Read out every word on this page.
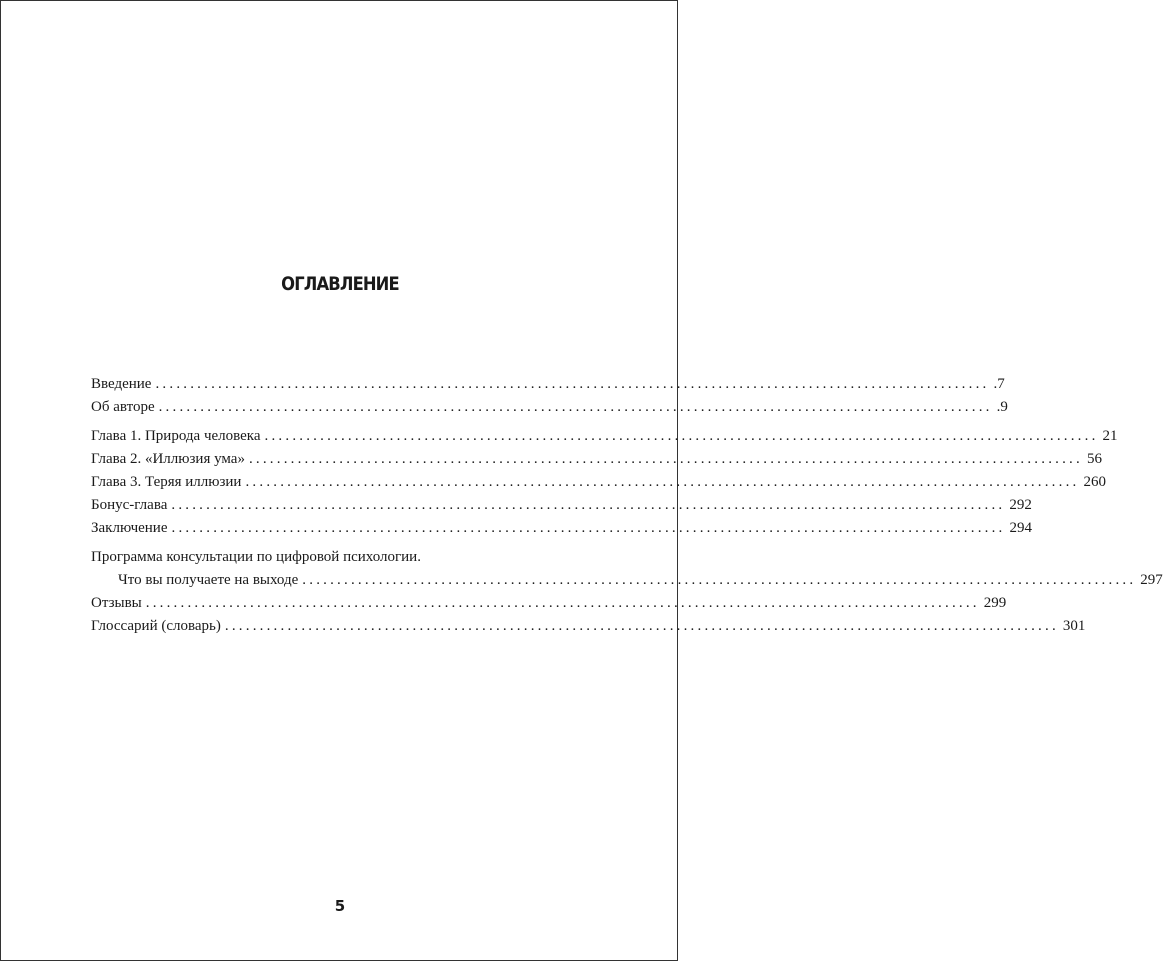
ОГЛАВЛЕНИЕ
Введение ........................................................................................................................ .7
Об авторе ........................................................................................................................ .9
Глава 1. Природа человека ........................................................................................................................ 21
Глава 2. «Иллюзия ума» ........................................................................................................................ 56
Глава 3. Теряя иллюзии ........................................................................................................................ 260
Бонус-глава ........................................................................................................................ 292
Заключение ........................................................................................................................ 294
Программа консультации по цифровой психологии.
Что вы получаете на выходе ........................................................................................................................ 297
Отзывы ........................................................................................................................ 299
Глоссарий (словарь) ........................................................................................................................ 301
5
